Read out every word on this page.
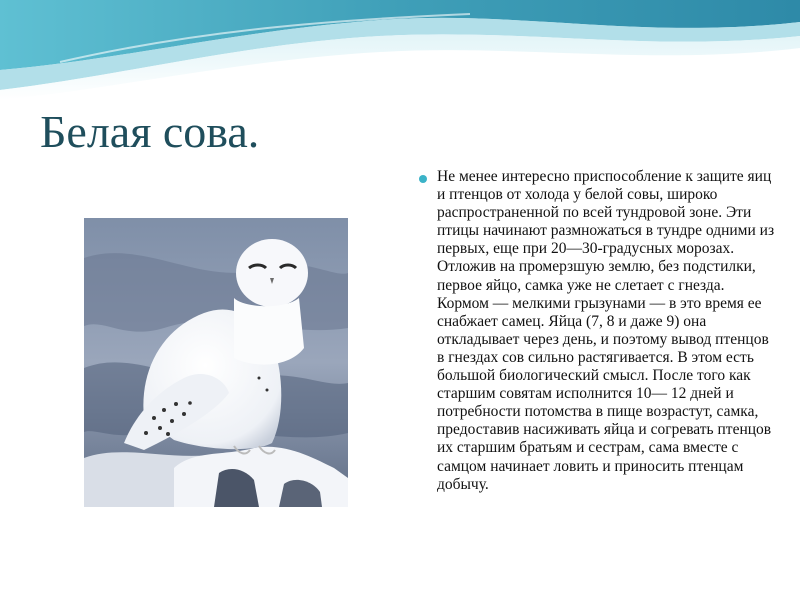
Белая сова.

Не менее интересно приспособление к защите яиц и птенцов от холода у белой совы, широко распространенной по всей тундровой зоне. Эти птицы начинают размножаться в тундре одними из первых, еще при 20—30-градусных морозах. Отложив на промерзшую землю, без подстилки, первое яйцо, самка уже не слетает с гнезда. Кормом — мелкими грызунами — в это время ее снабжает самец. Яйца (7, 8 и даже 9) она откладывает через день, и поэтому вывод птенцов в гнездах сов сильно растягивается. В этом есть большой биологический смысл. После того как старшим совятам исполнится 10— 12 дней и потребности потомства в пище возрастут, самка, предоставив насиживать яйца и согревать птенцов их старшим братьям и сестрам, сама вместе с самцом начинает ловить и приносить птенцам добычу.
